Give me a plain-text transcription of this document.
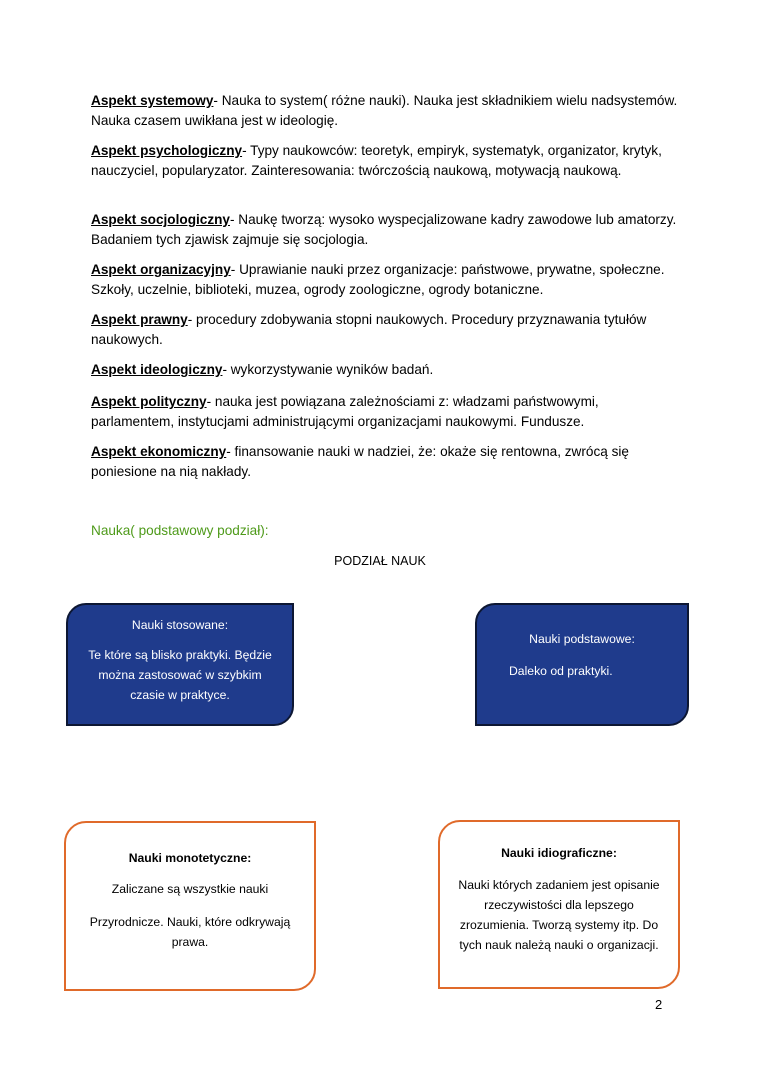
Aspekt systemowy- Nauka to system( różne nauki). Nauka jest składnikiem wielu nadsystemów. Nauka czasem uwikłana jest w ideologię.

Aspekt psychologiczny- Typy naukowców: teoretyk, empiryk, systematyk, organizator, krytyk, nauczyciel, popularyzator. Zainteresowania: twórczością naukową, motywacją naukową.

Aspekt socjologiczny- Naukę tworzą: wysoko wyspecjalizowane kadry zawodowe lub amatorzy. Badaniem tych zjawisk zajmuje się socjologia.

Aspekt organizacyjny- Uprawianie nauki przez organizacje: państwowe, prywatne, społeczne. Szkoły, uczelnie, biblioteki, muzea, ogrody zoologiczne, ogrody botaniczne.

Aspekt prawny- procedury zdobywania stopni naukowych. Procedury przyznawania tytułów naukowych.

Aspekt ideologiczny- wykorzystywanie wyników badań.

Aspekt polityczny- nauka jest powiązana zależnościami z: władzami państwowymi, parlamentem, instytucjami administrującymi organizacjami naukowymi. Fundusze.

Aspekt ekonomiczny- finansowanie nauki w nadziei, że: okaże się rentowna, zwrócą się poniesione na nią nakłady.

Nauka( podstawowy podział):

PODZIAŁ NAUK

Nauki stosowane:

Te które są blisko praktyki. Będzie

można zastosować w szybkim

czasie w praktyce.

Nauki podstawowe:

Daleko od praktyki.

Nauki monotetyczne:

Zaliczane są wszystkie nauki

Przyrodnicze. Nauki, które odkrywają

prawa.

Nauki idiograficzne:

Nauki których zadaniem jest opisanie

rzeczywistości dla lepszego

zrozumienia. Tworzą systemy itp. Do

tych nauk należą nauki o organizacji.

2
